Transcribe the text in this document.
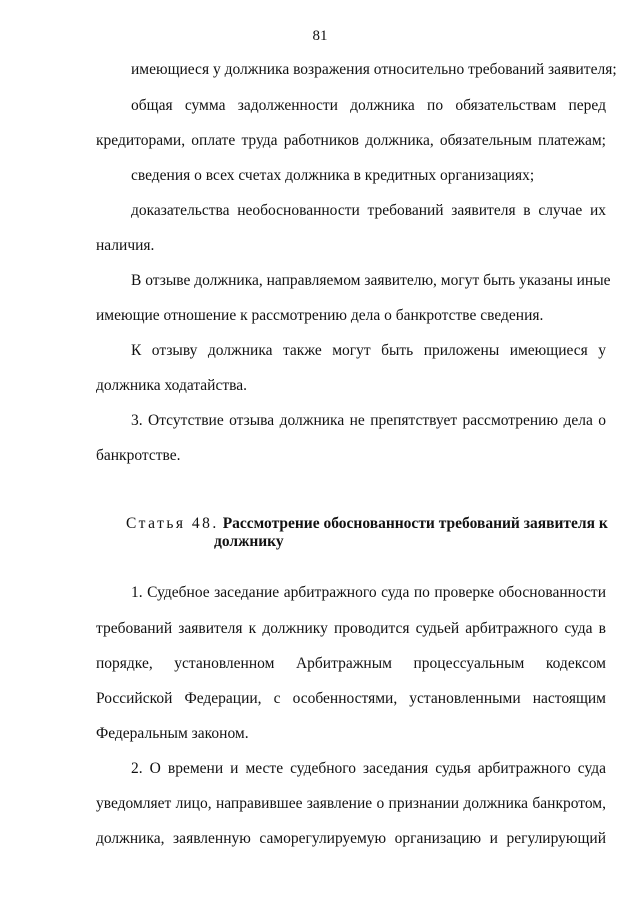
81
имеющиеся у должника возражения относительно требований заявителя;
общая сумма задолженности должника по обязательствам перед
кредиторами, оплате труда работников должника, обязательным платежам;
сведения о всех счетах должника в кредитных организациях;
доказательства необоснованности требований заявителя в случае их
наличия.
В отзыве должника, направляемом заявителю, могут быть указаны иные
имеющие отношение к рассмотрению дела о банкротстве сведения.
К отзыву должника также могут быть приложены имеющиеся у
должника ходатайства.
3. Отсутствие отзыва должника не препятствует рассмотрению дела о
банкротстве.
Статья 48. Рассмотрение обоснованности требований заявителя к
должнику
1. Судебное заседание арбитражного суда по проверке обоснованности
требований заявителя к должнику проводится судьей арбитражного суда в
порядке, установленном Арбитражным процессуальным кодексом
Российской Федерации, с особенностями, установленными настоящим
Федеральным законом.
2. О времени и месте судебного заседания судья арбитражного суда
уведомляет лицо, направившее заявление о признании должника банкротом,
должника, заявленную саморегулируемую организацию и регулирующий
